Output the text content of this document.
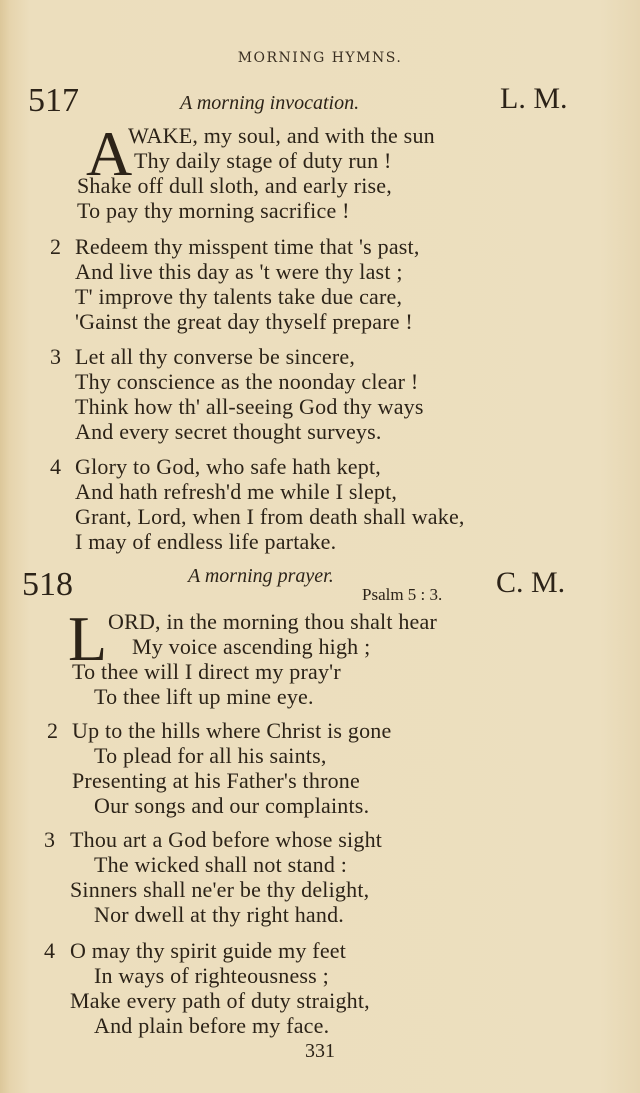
MORNING HYMNS.
517	A morning invocation.	L. M.
A
WAKE, my soul, and with the sun
Thy daily stage of duty run !
Shake off dull sloth, and early rise,
To pay thy morning sacrifice !
2 Redeem thy misspent time that 's past,
And live this day as 't were thy last ;
T' improve thy talents take due care,
'Gainst the great day thyself prepare !
3 Let all thy converse be sincere,
Thy conscience as the noonday clear !
Think how th' all-seeing God thy ways
And every secret thought surveys.
4 Glory to God, who safe hath kept,
And hath refresh'd me while I slept,
Grant, Lord, when I from death shall wake,
I may of endless life partake.
518	A morning prayer.
Psalm 5 : 3. C. M.
L ORD, in the morning thou shalt hear
My voice ascending high ;
To thee will I direct my pray'r
To thee lift up mine eye.
2 Up to the hills where Christ is gone
To plead for all his saints,
Presenting at his Father's throne
Our songs and our complaints.
3 Thou art a God before whose sight
The wicked shall not stand :
Sinners shall ne'er be thy delight,
Nor dwell at thy right hand.
4 O may thy spirit guide my feet
In ways of righteousness ;
Make every path of duty straight,
And plain before my face.
331
